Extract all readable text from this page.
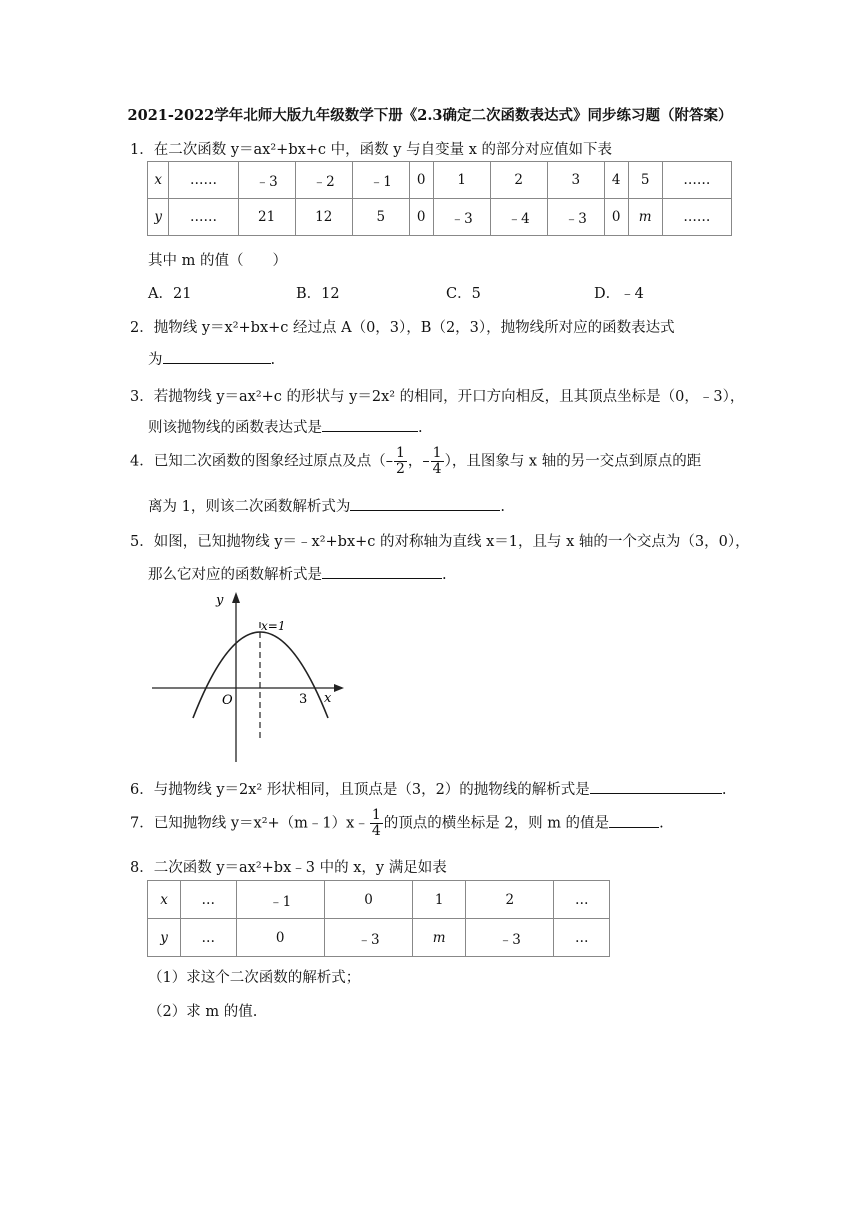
2021-2022学年北师大版九年级数学下册《2.3确定二次函数表达式》同步练习题（附答案）
1．在二次函数 y＝ax²+bx+c 中，函数 y 与自变量 x 的部分对应值如下表
x	……	﹣3	﹣2	﹣1	0	1	2	3	4	5	……
y	……	21	12	5	0	﹣3	﹣4	﹣3	0	m	……
其中 m 的值（　　）
A．21	B．12	C．5	D．﹣4
2．抛物线 y＝x²+bx+c 经过点 A（0，3），B（2，3），抛物线所对应的函数表达式
为	.
3．若抛物线 y＝ax²+c 的形状与 y＝2x² 的相同，开口方向相反，且其顶点坐标是（0，﹣3），
则该抛物线的函数表达式是	.
4．已知二次函数的图象经过原点及点（– $\frac{1}{2}$ ，– $\frac{1}{4}$ ），且图象与 x 轴的另一交点到原点的距
离为 1，则该二次函数解析式为	.
5．如图，已知抛物线 y＝﹣x²+bx+c 的对称轴为直线 x＝1，且与 x 轴的一个交点为（3，0），
那么它对应的函数解析式是	.
y
x
O
x=1
3
6．与抛物线 y＝2x² 形状相同，且顶点是（3，2）的抛物线的解析式是	.
7．已知抛物线 y＝x²+（m﹣1）x﹣ $\frac{1}{4}$ 的顶点的横坐标是 2，则 m 的值是	.
8．二次函数 y＝ax²+bx﹣3 中的 x，y 满足如表
x	…	﹣1	0	1	2	…
y	…	0	﹣3	m	﹣3	…
（1）求这个二次函数的解析式；
（2）求 m 的值.
